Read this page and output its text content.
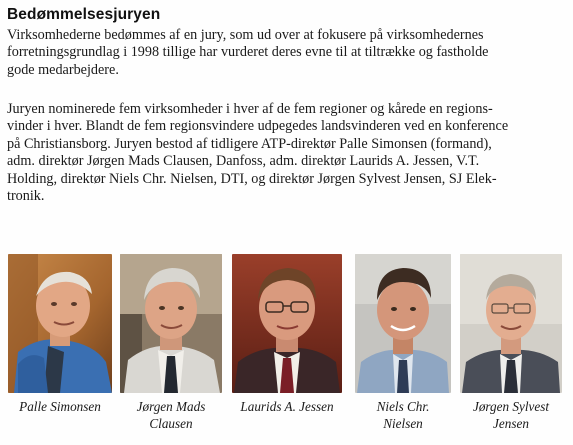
Bedømmelsesjuryen

Virksomhederne bedømmes af en jury, som ud over at fokusere på virksomhedernes
forretningsgrundlag i 1998 tillige har vurderet deres evne til at tiltrække og fastholde
gode medarbejdere.

Juryen nominerede fem virksomheder i hver af de fem regioner og kårede en regions-
vinder i hver. Blandt de fem regionsvindere udpegedes landsvinderen ved en konference
på Christiansborg. Juryen bestod af tidligere ATP-direktør Palle Simonsen (formand),
adm. direktør Jørgen Mads Clausen, Danfoss, adm. direktør Laurids A. Jessen, V.T.
Holding, direktør Niels Chr. Nielsen, DTI, og direktør Jørgen Sylvest Jensen, SJ Elek-
tronik.

Palle Simonsen	Jørgen Mads
Clausen
Laurids A. Jessen	Niels Chr.
Nielsen
Jørgen Sylvest
Jensen
